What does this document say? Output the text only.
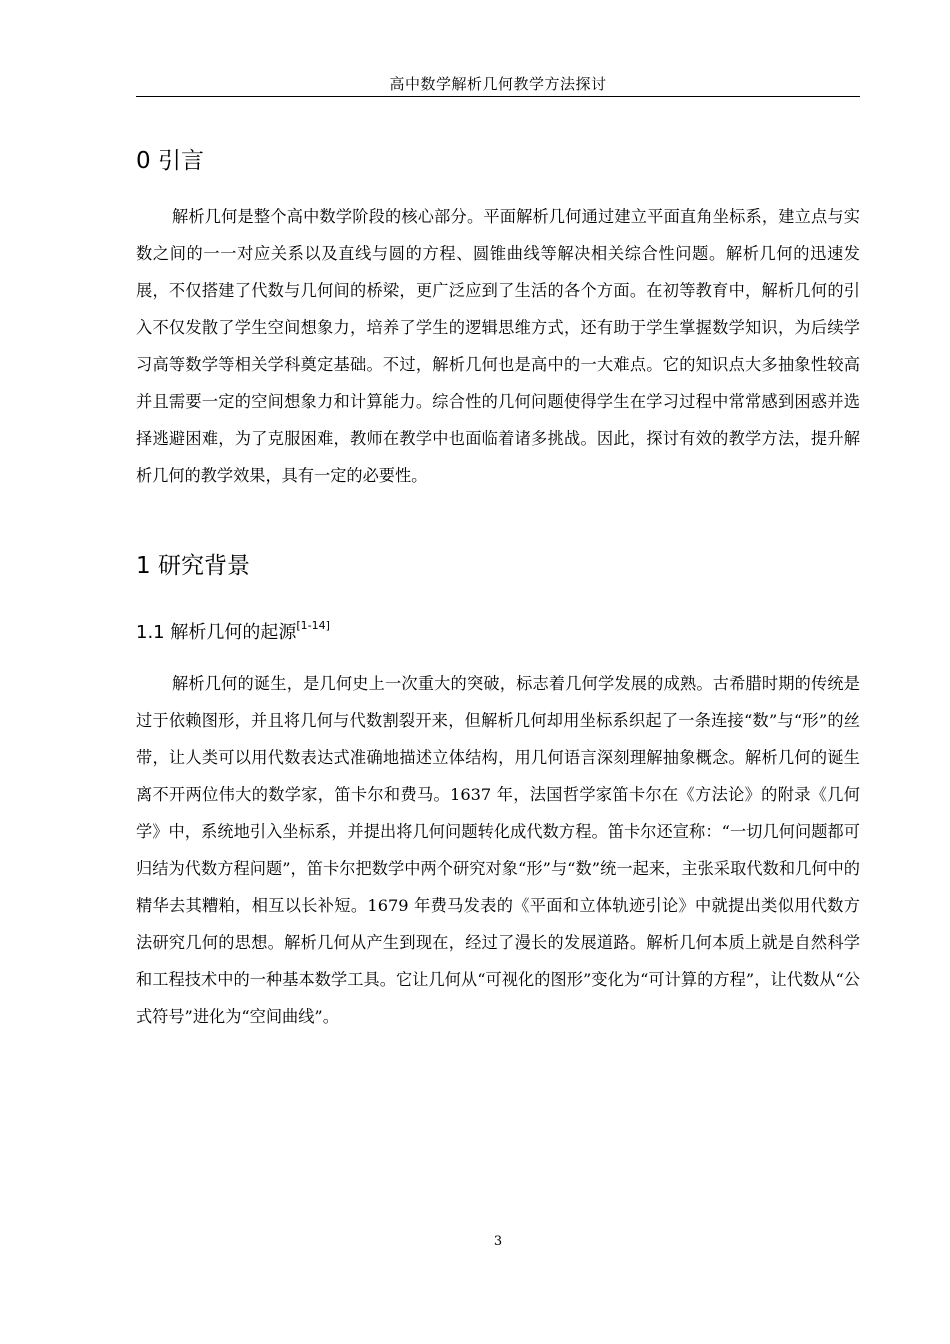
高中数学解析几何教学方法探讨
0 引言

解析几何是整个高中数学阶段的核心部分。平面解析几何通过建立平面直角坐标系，建立点与实数之间的一一对应关系以及直线与圆的方程、圆锥曲线等解决相关综合性问题。解析几何的迅速发展，不仅搭建了代数与几何间的桥梁，更广泛应到了生活的各个方面。在初等教育中，解析几何的引入不仅发散了学生空间想象力，培养了学生的逻辑思维方式，还有助于学生掌握数学知识，为后续学习高等数学等相关学科奠定基础。不过，解析几何也是高中的一大难点。它的知识点大多抽象性较高并且需要一定的空间想象力和计算能力。综合性的几何问题使得学生在学习过程中常常感到困惑并选择逃避困难，为了克服困难，教师在教学中也面临着诸多挑战。因此，探讨有效的教学方法，提升解析几何的教学效果，具有一定的必要性。

1 研究背景
1.1 解析几何的起源[1-14]

解析几何的诞生，是几何史上一次重大的突破，标志着几何学发展的成熟。古希腊时期的传统是过于依赖图形，并且将几何与代数割裂开来，但解析几何却用坐标系织起了一条连接“数”与“形”的丝带，让人类可以用代数表达式准确地描述立体结构，用几何语言深刻理解抽象概念。解析几何的诞生离不开两位伟大的数学家，笛卡尔和费马。1637 年，法国哲学家笛卡尔在《方法论》的附录《几何学》中，系统地引入坐标系，并提出将几何问题转化成代数方程。笛卡尔还宣称：“一切几何问题都可归结为代数方程问题”，笛卡尔把数学中两个研究对象“形”与“数”统一起来，主张采取代数和几何中的精华去其糟粕，相互以长补短。1679 年费马发表的《平面和立体轨迹引论》中就提出类似用代数方法研究几何的思想。解析几何从产生到现在，经过了漫长的发展道路。解析几何本质上就是自然科学和工程技术中的一种基本数学工具。它让几何从“可视化的图形”变化为“可计算的方程”，让代数从“公式符号”进化为“空间曲线”。

3
